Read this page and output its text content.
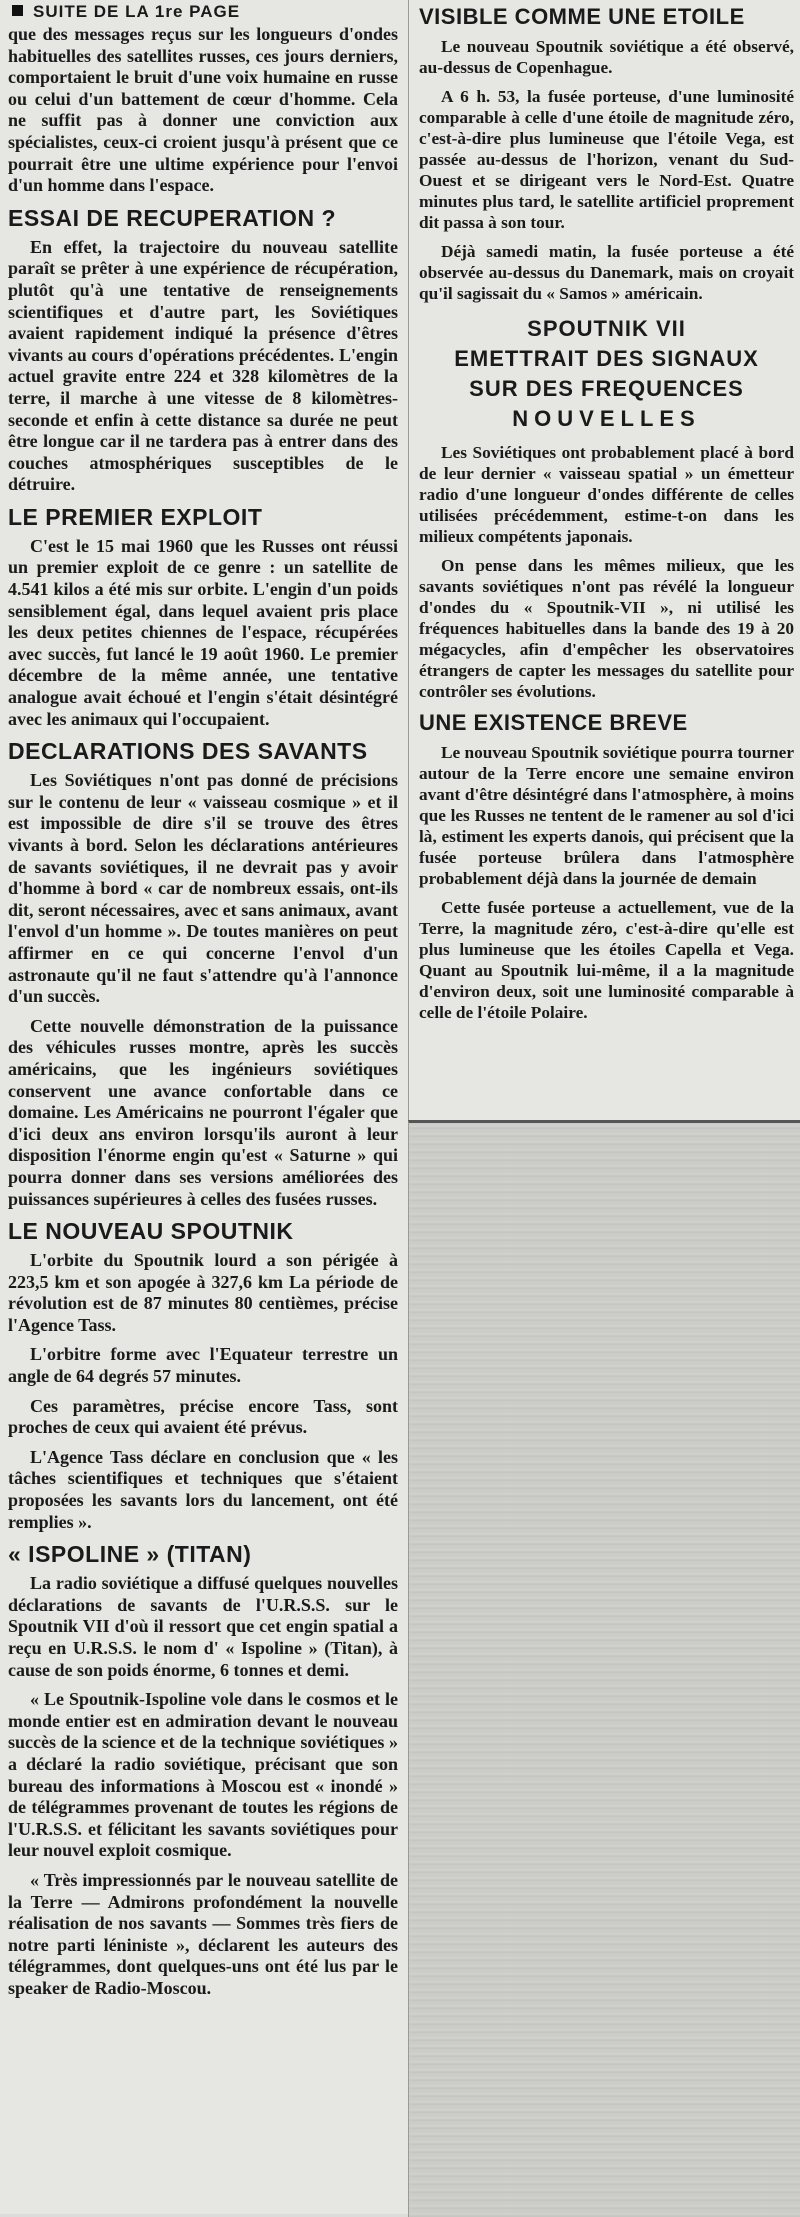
SUITE DE LA 1re PAGE

que des messages reçus sur les longueurs d'ondes habituelles des satellites russes, ces jours derniers, comportaient le bruit d'une voix humaine en russe ou celui d'un battement de cœur d'homme. Cela ne suffit pas à donner une conviction aux spécialistes, ceux-ci croient jusqu'à présent que ce pourrait être une ultime expérience pour l'envoi d'un homme dans l'espace.

ESSAI DE RECUPERATION ?

En effet, la trajectoire du nouveau satellite paraît se prêter à une expérience de récupération, plutôt qu'à une tentative de renseignements scientifiques et d'autre part, les Soviétiques avaient rapidement indiqué la présence d'êtres vivants au cours d'opérations précédentes. L'engin actuel gravite entre 224 et 328 kilomètres de la terre, il marche à une vitesse de 8 kilomètres-seconde et enfin à cette distance sa durée ne peut être longue car il ne tardera pas à entrer dans des couches atmosphériques susceptibles de le détruire.

LE PREMIER EXPLOIT

C'est le 15 mai 1960 que les Russes ont réussi un premier exploit de ce genre : un satellite de 4.541 kilos a été mis sur orbite. L'engin d'un poids sensiblement égal, dans lequel avaient pris place les deux petites chiennes de l'espace, récupérées avec succès, fut lancé le 19 août 1960. Le premier décembre de la même année, une tentative analogue avait échoué et l'engin s'était désintégré avec les animaux qui l'occupaient.

DECLARATIONS DES SAVANTS

Les Soviétiques n'ont pas donné de précisions sur le contenu de leur « vaisseau cosmique » et il est impossible de dire s'il se trouve des êtres vivants à bord. Selon les déclarations antérieures de savants soviétiques, il ne devrait pas y avoir d'homme à bord « car de nombreux essais, ont-ils dit, seront nécessaires, avec et sans animaux, avant l'envol d'un homme ». De toutes manières on peut affirmer en ce qui concerne l'envol d'un astronaute qu'il ne faut s'attendre qu'à l'annonce d'un succès.

Cette nouvelle démonstration de la puissance des véhicules russes montre, après les succès américains, que les ingénieurs soviétiques conservent une avance confortable dans ce domaine. Les Américains ne pourront l'égaler que d'ici deux ans environ lorsqu'ils auront à leur disposition l'énorme engin qu'est « Saturne » qui pourra donner dans ses versions améliorées des puissances supérieures à celles des fusées russes.

LE NOUVEAU SPOUTNIK

L'orbite du Spoutnik lourd a son périgée à 223,5 km et son apogée à 327,6 km La période de révolution est de 87 minutes 80 centièmes, précise l'Agence Tass.

L'orbitre forme avec l'Equateur terrestre un angle de 64 degrés 57 minutes.

Ces paramètres, précise encore Tass, sont proches de ceux qui avaient été prévus.

L'Agence Tass déclare en conclusion que « les tâches scientifiques et techniques que s'étaient proposées les savants lors du lancement, ont été remplies ».

« ISPOLINE » (TITAN)

La radio soviétique a diffusé quelques nouvelles déclarations de savants de l'U.R.S.S. sur le Spoutnik VII d'où il ressort que cet engin spatial a reçu en U.R.S.S. le nom d' « Ispoline » (Titan), à cause de son poids énorme, 6 tonnes et demi.

« Le Spoutnik-Ispoline vole dans le cosmos et le monde entier est en admiration devant le nouveau succès de la science et de la technique soviétiques » a déclaré la radio soviétique, précisant que son bureau des informations à Moscou est « inondé » de télégrammes provenant de toutes les régions de l'U.R.S.S. et félicitant les savants soviétiques pour leur nouvel exploit cosmique.

« Très impressionnés par le nouveau satellite de la Terre — Admirons profondément la nouvelle réalisation de nos savants — Sommes très fiers de notre parti léniniste », déclarent les auteurs des télégrammes, dont quelques-uns ont été lus par le speaker de Radio-Moscou.

VISIBLE COMME UNE ETOILE

Le nouveau Spoutnik soviétique a été observé, au-dessus de Copenhague.

A 6 h. 53, la fusée porteuse, d'une luminosité comparable à celle d'une étoile de magnitude zéro, c'est-à-dire plus lumineuse que l'étoile Vega, est passée au-dessus de l'horizon, venant du Sud-Ouest et se dirigeant vers le Nord-Est. Quatre minutes plus tard, le satellite artificiel proprement dit passa à son tour.

Déjà samedi matin, la fusée porteuse a été observée au-dessus du Danemark, mais on croyait qu'il sagissait du « Samos » américain.

SPOUTNIK VII
EMETTRAIT DES SIGNAUX
SUR DES FREQUENCES
NOUVELLES

Les Soviétiques ont probablement placé à bord de leur dernier « vaisseau spatial » un émetteur radio d'une longueur d'ondes différente de celles utilisées précédemment, estime-t-on dans les milieux compétents japonais.

On pense dans les mêmes milieux, que les savants soviétiques n'ont pas révélé la longueur d'ondes du « Spoutnik-VII », ni utilisé les fréquences habituelles dans la bande des 19 à 20 mégacycles, afin d'empêcher les observatoires étrangers de capter les messages du satellite pour contrôler ses évolutions.

UNE EXISTENCE BREVE

Le nouveau Spoutnik soviétique pourra tourner autour de la Terre encore une semaine environ avant d'être désintégré dans l'atmosphère, à moins que les Russes ne tentent de le ramener au sol d'ici là, estiment les experts danois, qui précisent que la fusée porteuse brûlera dans l'atmosphère probablement déjà dans la journée de demain

Cette fusée porteuse a actuellement, vue de la Terre, la magnitude zéro, c'est-à-dire qu'elle est plus lumineuse que les étoiles Capella et Vega. Quant au Spoutnik lui-même, il a la magnitude d'environ deux, soit une luminosité comparable à celle de l'étoile Polaire.
